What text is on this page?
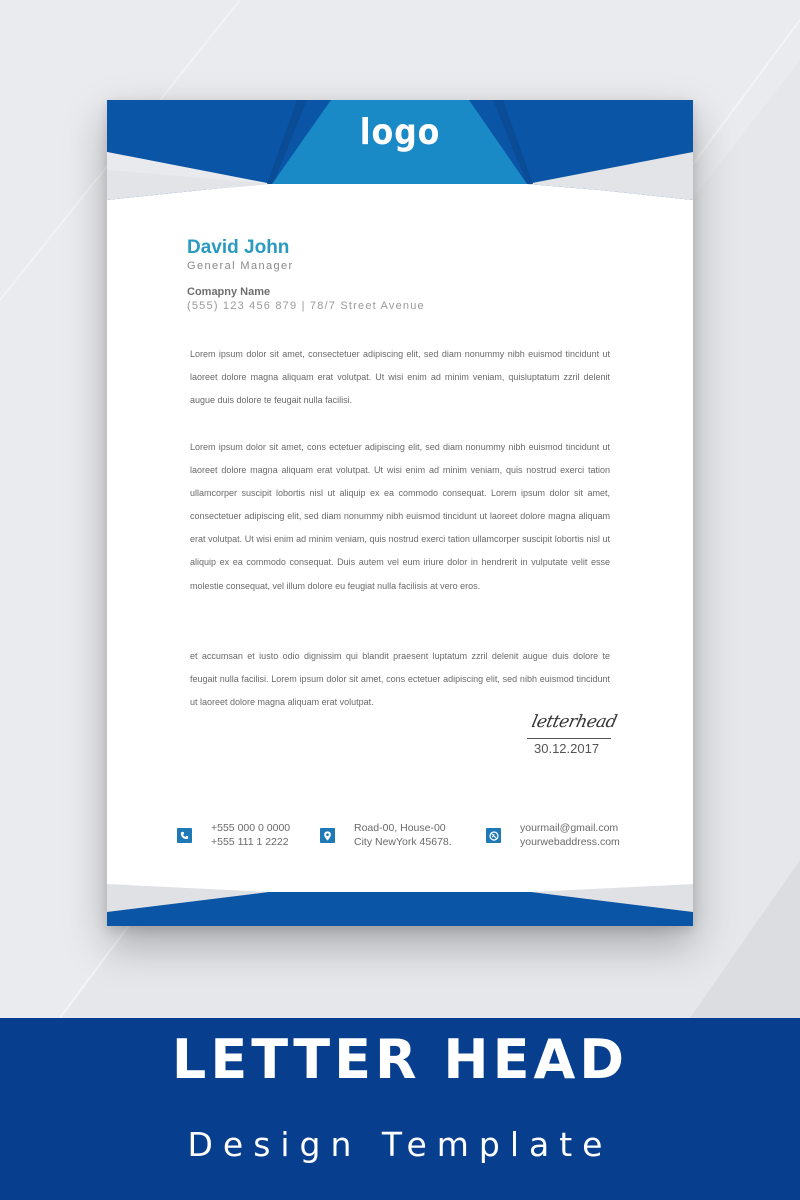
logo
David John
General Manager
Comapny Name
(555) 123 456 879 | 78/7 Street Avenue
Lorem ipsum dolor sit amet, consectetuer adipiscing elit, sed diam nonummy nibh euismod tincidunt ut laoreet dolore magna aliquam erat volutpat. Ut wisi enim ad minim veniam, quisluptatum zzril delenit augue duis dolore te feugait nulla facilisi.
Lorem ipsum dolor sit amet, cons ectetuer adipiscing elit, sed diam nonummy nibh euismod tincidunt ut laoreet dolore magna aliquam erat volutpat. Ut wisi enim ad minim veniam, quis nostrud exerci tation ullamcorper suscipit lobortis nisl ut aliquip ex ea commodo consequat. Lorem ipsum dolor sit amet, consectetuer adipiscing elit, sed diam nonummy nibh euismod tincidunt ut laoreet dolore magna aliquam erat volutpat. Ut wisi enim ad minim veniam, quis nostrud exerci tation ullamcorper suscipit lobortis nisl ut aliquip ex ea commodo consequat. Duis autem vel eum iriure dolor in hendrerit in vulputate velit esse molestie consequat, vel illum dolore eu feugiat nulla facilisis at vero eros.
et accumsan et iusto odio dignissim qui blandit praesent luptatum zzril delenit augue duis dolore te feugait nulla facilisi. Lorem ipsum dolor sit amet, cons ectetuer adipiscing elit, sed nibh euismod tincidunt ut laoreet dolore magna aliquam erat volutpat.
letterhead
30.12.2017
+555 000 0 0000
+555 111 1 2222
Road-00, House-00
City NewYork 45678.
yourmail@gmail.com
yourwebaddress.com
LETTER HEAD
Design Template
